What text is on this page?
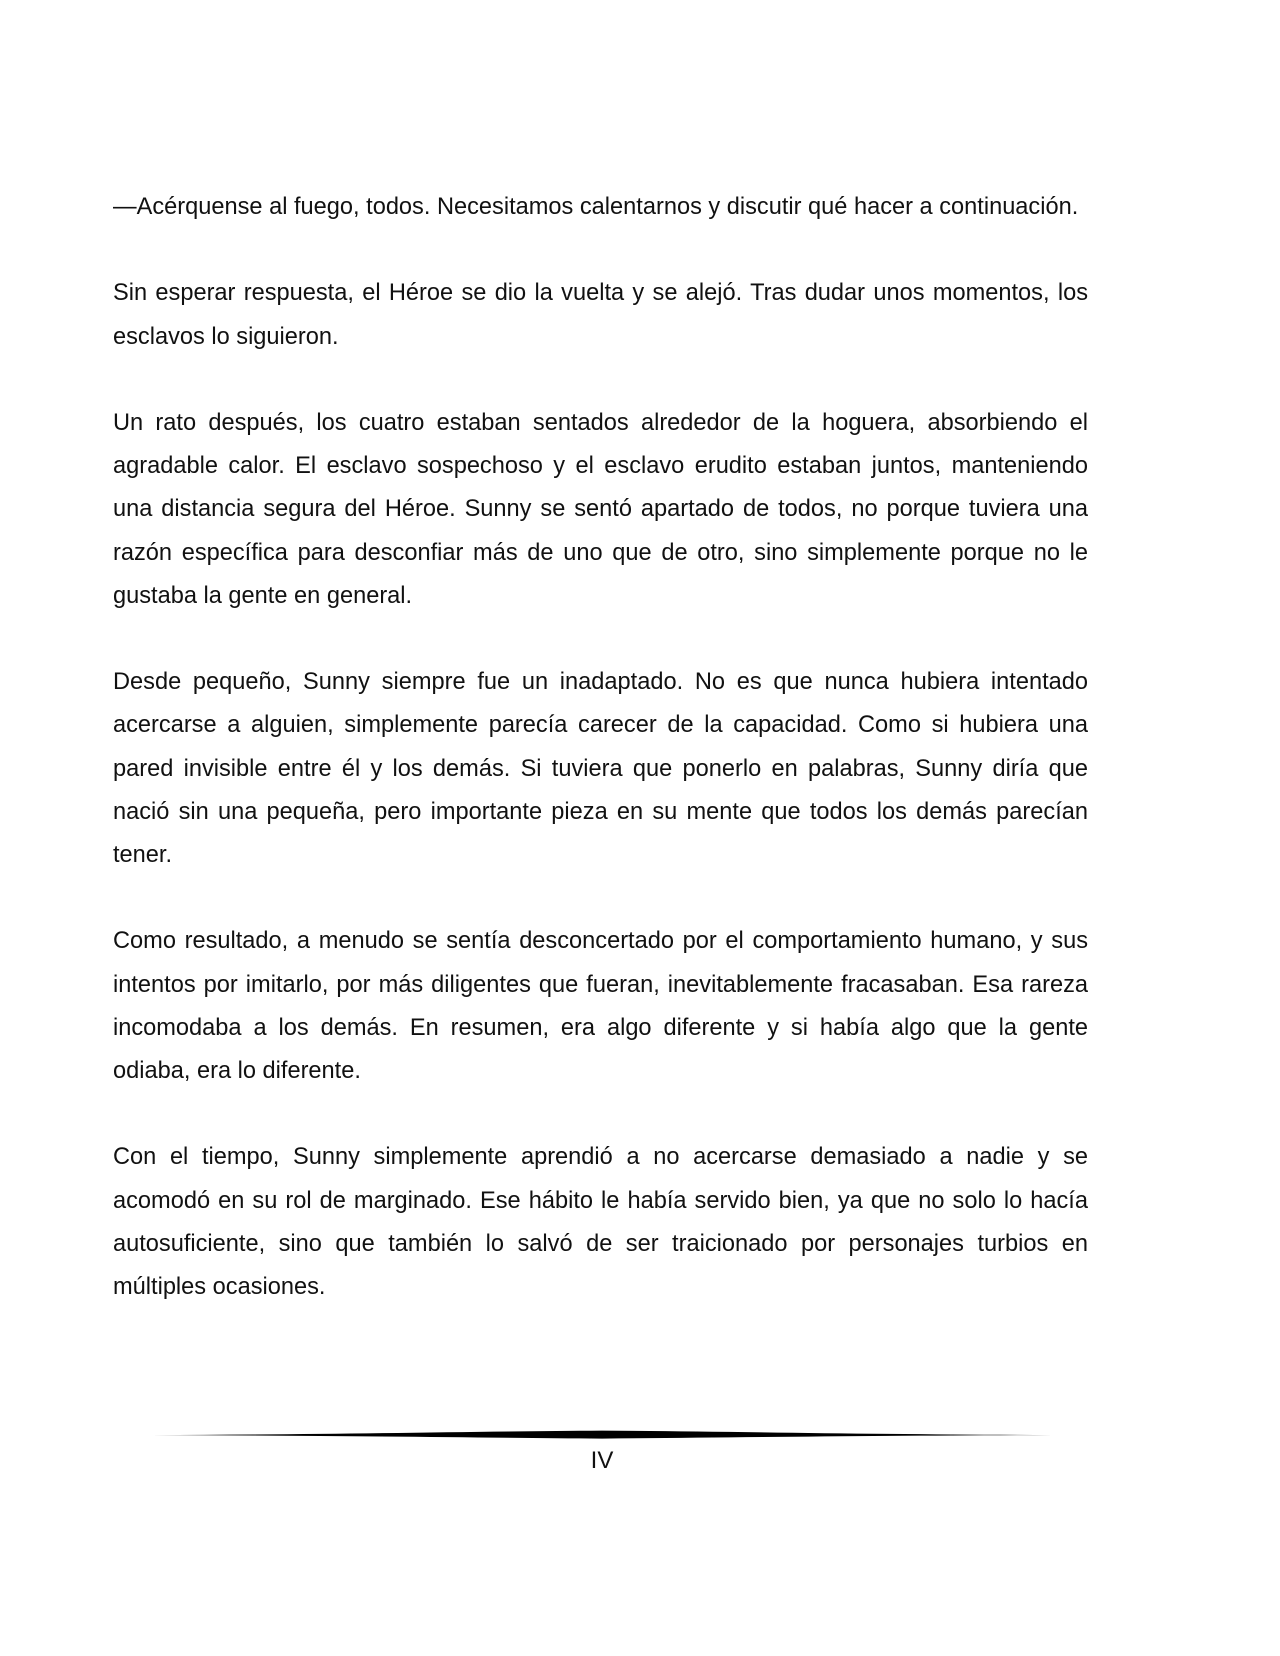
—Acérquense al fuego, todos. Necesitamos calentarnos y discutir qué hacer a continuación.

Sin esperar respuesta, el Héroe se dio la vuelta y se alejó. Tras dudar unos momentos, los esclavos lo siguieron.

Un rato después, los cuatro estaban sentados alrededor de la hoguera, absorbiendo el agradable calor. El esclavo sospechoso y el esclavo erudito estaban juntos, manteniendo una distancia segura del Héroe. Sunny se sentó apartado de todos, no porque tuviera una razón específica para desconfiar más de uno que de otro, sino simplemente porque no le gustaba la gente en general.

Desde pequeño, Sunny siempre fue un inadaptado. No es que nunca hubiera intentado acercarse a alguien, simplemente parecía carecer de la capacidad. Como si hubiera una pared invisible entre él y los demás. Si tuviera que ponerlo en palabras, Sunny diría que nació sin una pequeña, pero importante pieza en su mente que todos los demás parecían tener.

Como resultado, a menudo se sentía desconcertado por el comportamiento humano, y sus intentos por imitarlo, por más diligentes que fueran, inevitablemente fracasaban. Esa rareza incomodaba a los demás. En resumen, era algo diferente y si había algo que la gente odiaba, era lo diferente.

Con el tiempo, Sunny simplemente aprendió a no acercarse demasiado a nadie y se acomodó en su rol de marginado. Ese hábito le había servido bien, ya que no solo lo hacía autosuficiente, sino que también lo salvó de ser traicionado por personajes turbios en múltiples ocasiones.

IV
